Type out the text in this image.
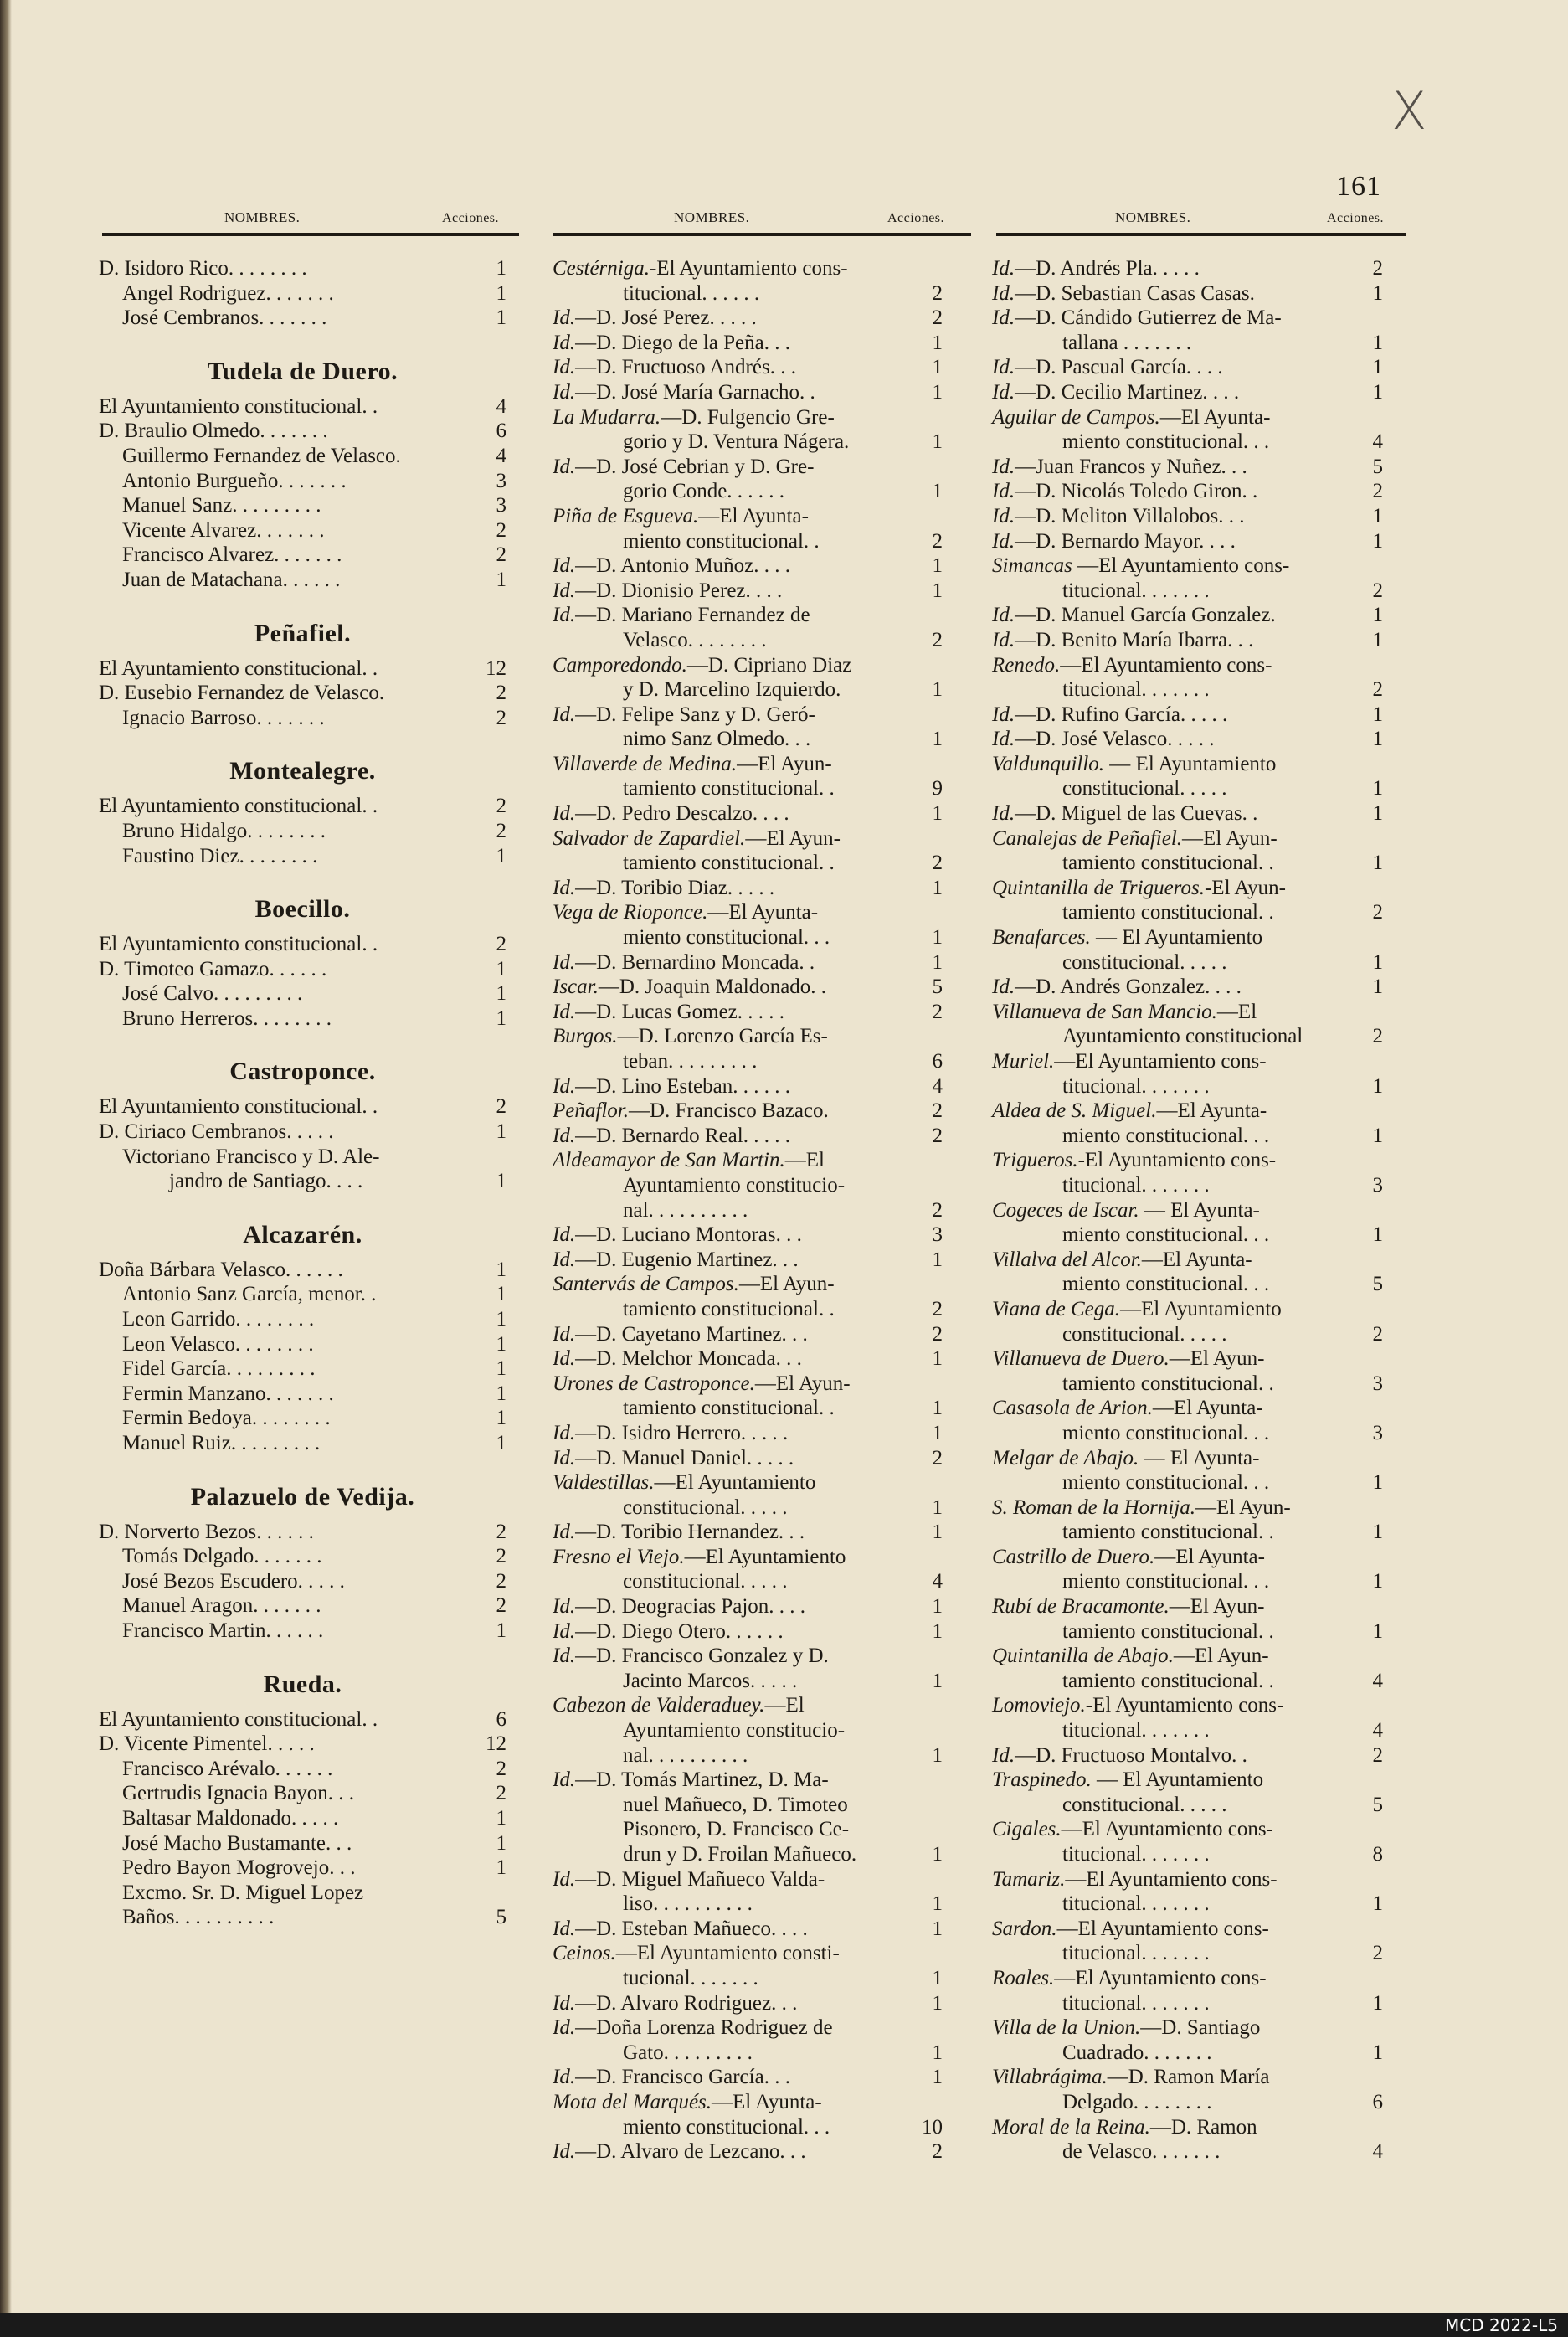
X
161
NOMBRES.	Acciones.	NOMBRES.	Acciones.	NOMBRES.	Acciones.
D. Isidoro Rico. . . . . . . .	1
Angel Rodriguez. . . . . . .	1
José Cembranos. . . . . . .	1
Tudela de Duero.
El Ayuntamiento constitucional. .	4
D. Braulio Olmedo. . . . . . .	6
Guillermo Fernandez de Velasco.	4
Antonio Burgueño. . . . . . .	3
Manuel Sanz. . . . . . . . .	3
Vicente Alvarez. . . . . . .	2
Francisco Alvarez. . . . . . .	2
Juan de Matachana. . . . . .	1
Peñafiel.
El Ayuntamiento constitucional. .	12
D. Eusebio Fernandez de Velasco.	2
Ignacio Barroso. . . . . . .	2
Montealegre.
El Ayuntamiento constitucional. .	2
Bruno Hidalgo. . . . . . . .	2
Faustino Diez. . . . . . . .	1
Boecillo.
El Ayuntamiento constitucional. .	2
D. Timoteo Gamazo. . . . . .	1
José Calvo. . . . . . . . .	1
Bruno Herreros. . . . . . . .	1
Castroponce.
El Ayuntamiento constitucional. .	2
D. Ciriaco Cembranos. . . . .	1
Victoriano Francisco y D. Ale-
jandro de Santiago. . . .	1
Alcazarén.
Doña Bárbara Velasco. . . . . .	1
Antonio Sanz García, menor. .	1
Leon Garrido. . . . . . . .	1
Leon Velasco. . . . . . . .	1
Fidel García. . . . . . . . .	1
Fermin Manzano. . . . . . .	1
Fermin Bedoya. . . . . . . .	1
Manuel Ruiz. . . . . . . . .	1
Palazuelo de Vedija.
D. Norverto Bezos. . . . . .	2
Tomás Delgado. . . . . . .	2
José Bezos Escudero. . . . .	2
Manuel Aragon. . . . . . .	2
Francisco Martin. . . . . .	1
Rueda.
El Ayuntamiento constitucional. .	6
D. Vicente Pimentel. . . . .	12
Francisco Arévalo. . . . . .	2
Gertrudis Ignacia Bayon. . .	2
Baltasar Maldonado. . . . .	1
José Macho Bustamante. . .	1
Pedro Bayon Mogrovejo. . .	1
Excmo. Sr. D. Miguel Lopez
Baños. . . . . . . . . .	5
Cestérniga.-El Ayuntamiento cons-
titucional. . . . . .	2
Id.—D. José Perez. . . . .	2
Id.—D. Diego de la Peña. . .	1
Id.—D. Fructuoso Andrés. . .	1
Id.—D. José María Garnacho. .	1
La Mudarra.—D. Fulgencio Gre-
gorio y D. Ventura Nágera.	1
Id.—D. José Cebrian y D. Gre-
gorio Conde. . . . . .	1
Piña de Esgueva.—El Ayunta-
miento constitucional. .	2
Id.—D. Antonio Muñoz. . . .	1
Id.—D. Dionisio Perez. . . .	1
Id.—D. Mariano Fernandez de
Velasco. . . . . . . .	2
Camporedondo.—D. Cipriano Diaz
y D. Marcelino Izquierdo.	1
Id.—D. Felipe Sanz y D. Geró-
nimo Sanz Olmedo. . .	1
Villaverde de Medina.—El Ayun-
tamiento constitucional. .	9
Id.—D. Pedro Descalzo. . . .	1
Salvador de Zapardiel.—El Ayun-
tamiento constitucional. .	2
Id.—D. Toribio Diaz. . . . .	1
Vega de Rioponce.—El Ayunta-
miento constitucional. . .	1
Id.—D. Bernardino Moncada. .	1
Iscar.—D. Joaquin Maldonado. .	5
Id.—D. Lucas Gomez. . . . .	2
Burgos.—D. Lorenzo García Es-
teban. . . . . . . . .	6
Id.—D. Lino Esteban. . . . . .	4
Peñaflor.—D. Francisco Bazaco.	2
Id.—D. Bernardo Real. . . . .	2
Aldeamayor de San Martin.—El
Ayuntamiento constitucio-
nal. . . . . . . . . .	2
Id.—D. Luciano Montoras. . .	3
Id.—D. Eugenio Martinez. . .	1
Santervás de Campos.—El Ayun-
tamiento constitucional. .	2
Id.—D. Cayetano Martinez. . .	2
Id.—D. Melchor Moncada. . .	1
Urones de Castroponce.—El Ayun-
tamiento constitucional. .	1
Id.—D. Isidro Herrero. . . . .	1
Id.—D. Manuel Daniel. . . . .	2
Valdestillas.—El Ayuntamiento
constitucional. . . . .	1
Id.—D. Toribio Hernandez. . .	1
Fresno el Viejo.—El Ayuntamiento
constitucional. . . . .	4
Id.—D. Deogracias Pajon. . . .	1
Id.—D. Diego Otero. . . . . .	1
Id.—D. Francisco Gonzalez y D.
Jacinto Marcos. . . . .	1
Cabezon de Valderaduey.—El
Ayuntamiento constitucio-
nal. . . . . . . . . .	1
Id.—D. Tomás Martinez, D. Ma-
nuel Mañueco, D. Timoteo
Pisonero, D. Francisco Ce-
drun y D. Froilan Mañueco.	1
Id.—D. Miguel Mañueco Valda-
liso. . . . . . . . . .	1
Id.—D. Esteban Mañueco. . . .	1
Ceinos.—El Ayuntamiento consti-
tucional. . . . . . .	1
Id.—D. Alvaro Rodriguez. . .	1
Id.—Doña Lorenza Rodriguez de
Gato. . . . . . . . .	1
Id.—D. Francisco García. . .	1
Mota del Marqués.—El Ayunta-
miento constitucional. . .	10
Id.—D. Alvaro de Lezcano. . .	2
Id.—D. Andrés Pla. . . . .	2
Id.—D. Sebastian Casas Casas.	1
Id.—D. Cándido Gutierrez de Ma-
tallana . . . . . . .	1
Id.—D. Pascual García. . . .	1
Id.—D. Cecilio Martinez. . . .	1
Aguilar de Campos.—El Ayunta-
miento constitucional. . .	4
Id.—Juan Francos y Nuñez. . .	5
Id.—D. Nicolás Toledo Giron. .	2
Id.—D. Meliton Villalobos. . .	1
Id.—D. Bernardo Mayor. . . .	1
Simancas —El Ayuntamiento cons-
titucional. . . . . . .	2
Id.—D. Manuel García Gonzalez.	1
Id.—D. Benito María Ibarra. . .	1
Renedo.—El Ayuntamiento cons-
titucional. . . . . . .	2
Id.—D. Rufino García. . . . .	1
Id.—D. José Velasco. . . . .	1
Valdunquillo. — El Ayuntamiento
constitucional. . . . .	1
Id.—D. Miguel de las Cuevas. .	1
Canalejas de Peñafiel.—El Ayun-
tamiento constitucional. .	1
Quintanilla de Trigueros.-El Ayun-
tamiento constitucional. .	2
Benafarces. — El Ayuntamiento
constitucional. . . . .	1
Id.—D. Andrés Gonzalez. . . .	1
Villanueva de San Mancio.—El
Ayuntamiento constitucional	2
Muriel.—El Ayuntamiento cons-
titucional. . . . . . .	1
Aldea de S. Miguel.—El Ayunta-
miento constitucional. . .	1
Trigueros.-El Ayuntamiento cons-
titucional. . . . . . .	3
Cogeces de Iscar. — El Ayunta-
miento constitucional. . .	1
Villalva del Alcor.—El Ayunta-
miento constitucional. . .	5
Viana de Cega.—El Ayuntamiento
constitucional. . . . .	2
Villanueva de Duero.—El Ayun-
tamiento constitucional. .	3
Casasola de Arion.—El Ayunta-
miento constitucional. . .	3
Melgar de Abajo. — El Ayunta-
miento constitucional. . .	1
S. Roman de la Hornija.—El Ayun-
tamiento constitucional. .	1
Castrillo de Duero.—El Ayunta-
miento constitucional. . .	1
Rubí de Bracamonte.—El Ayun-
tamiento constitucional. .	1
Quintanilla de Abajo.—El Ayun-
tamiento constitucional. .	4
Lomoviejo.-El Ayuntamiento cons-
titucional. . . . . . .	4
Id.—D. Fructuoso Montalvo. .	2
Traspinedo. — El Ayuntamiento
constitucional. . . . .	5
Cigales.—El Ayuntamiento cons-
titucional. . . . . . .	8
Tamariz.—El Ayuntamiento cons-
titucional. . . . . . .	1
Sardon.—El Ayuntamiento cons-
titucional. . . . . . .	2
Roales.—El Ayuntamiento cons-
titucional. . . . . . .	1
Villa de la Union.—D. Santiago
Cuadrado. . . . . . .	1
Villabrágima.—D. Ramon María
Delgado. . . . . . . .	6
Moral de la Reina.—D. Ramon
de Velasco. . . . . . .	4
MCD 2022-L5
